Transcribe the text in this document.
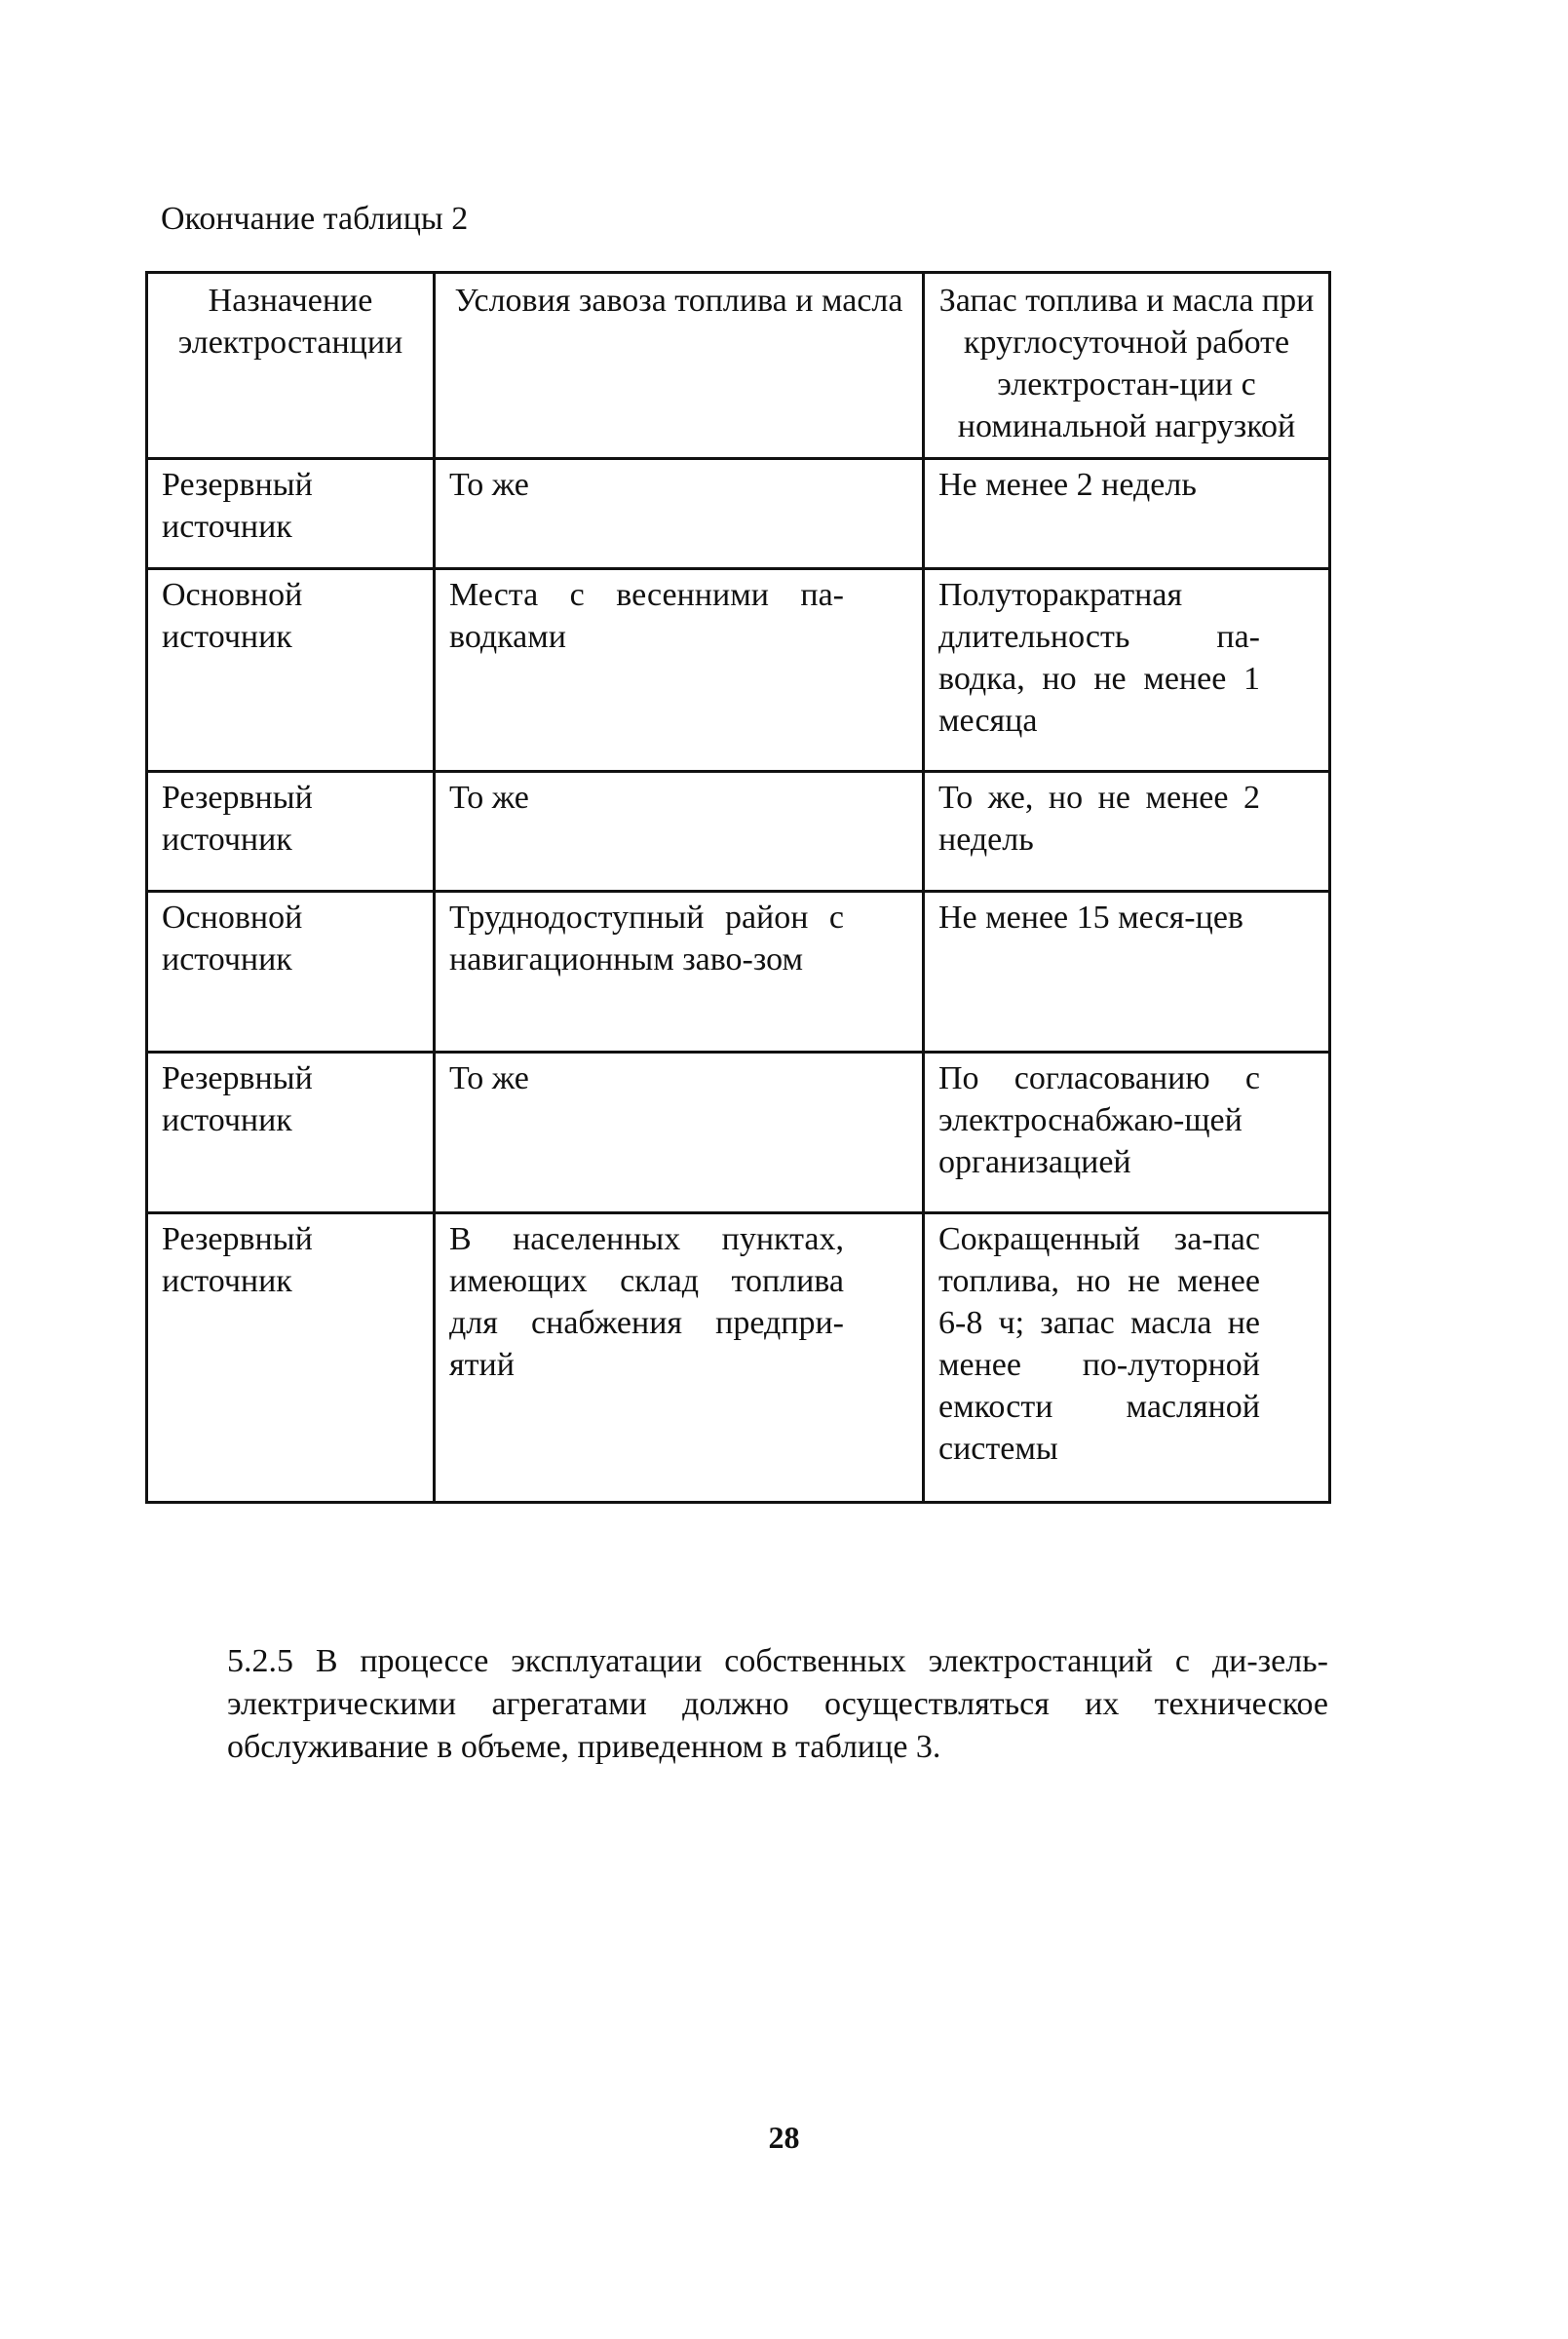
Окончание таблицы 2
Назначение электростанции	Условия завоза топлива и масла	Запас топлива и масла при круглосуточной работе электростан-ции с номинальной нагрузкой
Резервный источник	То же	Не менее 2 недель

Основной источник	Места с весенними па-водками	Полуторакратная длительность па-водка, но не менее 1 месяца

Резервный источник	То же	То же, но не менее 2 недель

Основной источник	Труднодоступный район с навигационным заво-зом	Не менее 15 меся-цев

Резервный источник	То же	По согласованию с электроснабжаю-щей организацией

Резервный источник	В населенных пунктах, имеющих склад топлива для снабжения предпри-ятий	Сокращенный за-пас топлива, но не менее 6-8 ч; запас масла не менее по-луторной емкости масляной системы
5.2.5 В процессе эксплуатации собственных электростанций с ди-зель-электрическими агрегатами должно осуществляться их техническое обслуживание в объеме, приведенном в таблице 3.
28
